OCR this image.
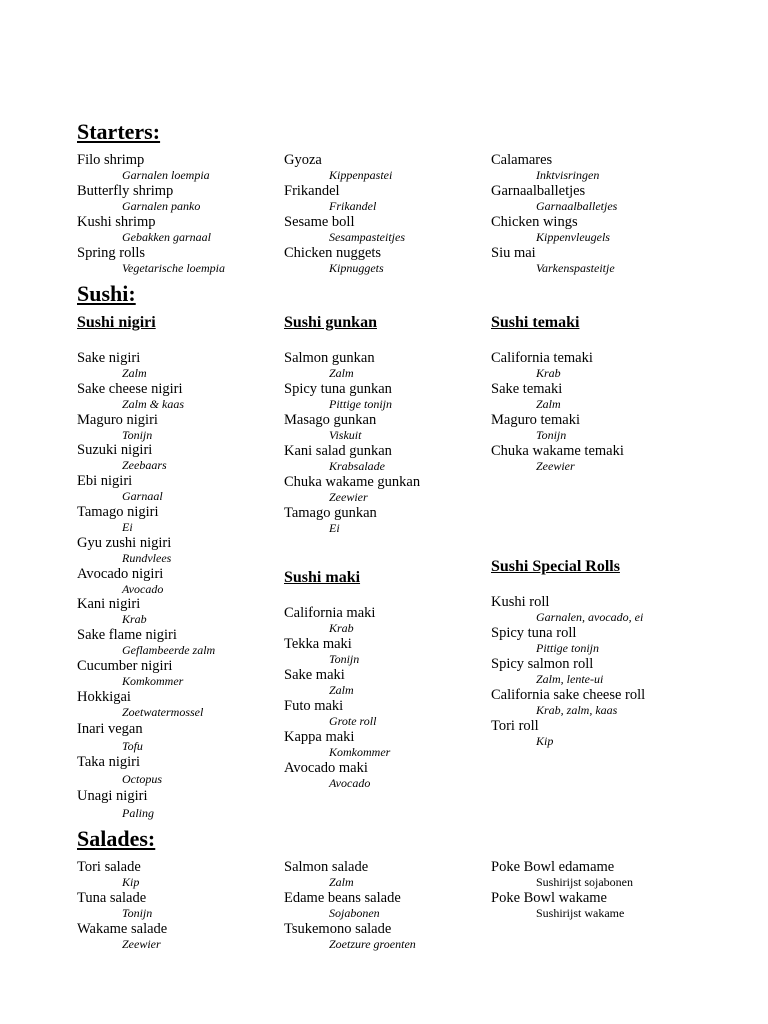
Starters:
Filo shrimp
Garnalen loempia
Butterfly shrimp
Garnalen panko
Kushi shrimp
Gebakken garnaal
Spring rolls
Vegetarische loempia
Gyoza
Kippenpastei
Frikandel
Frikandel
Sesame boll
Sesampasteitjes
Chicken nuggets
Kipnuggets
Calamares
Inktvisringen
Garnaalballetjes
Garnaalballetjes
Chicken wings
Kippenvleugels
Siu mai
Varkenspasteitje
Sushi:
Sushi nigiri	Sushi gunkan	Sushi temaki
Sake nigiri
Zalm
Sake cheese nigiri
Zalm & kaas
Maguro nigiri
Tonijn
Suzuki nigiri
Zeebaars
Ebi nigiri
Garnaal
Tamago nigiri
Ei
Gyu zushi nigiri
Rundvlees
Avocado nigiri
Avocado
Kani nigiri
Krab
Sake flame nigiri
Geflambeerde zalm
Cucumber nigiri
Komkommer
Hokkigai
Zoetwatermossel
Inari vegan
Tofu
Taka nigiri
Octopus
Unagi nigiri
Paling
Salmon gunkan
Zalm
Spicy tuna gunkan
Pittige tonijn
Masago gunkan
Viskuit
Kani salad gunkan
Krabsalade
Chuka wakame gunkan
Zeewier
Tamago gunkan
Ei
California temaki
Krab
Sake temaki
Zalm
Maguro temaki
Tonijn
Chuka wakame temaki
Zeewier
Sushi maki
Sushi Special Rolls
California maki
Krab
Tekka maki
Tonijn
Sake maki
Zalm
Futo maki
Grote roll
Kappa maki
Komkommer
Avocado maki
Avocado
Kushi roll
Garnalen, avocado, ei
Spicy tuna roll
Pittige tonijn
Spicy salmon roll
Zalm, lente-ui
California sake cheese roll
Krab, zalm, kaas
Tori roll
Kip
Salades:
Tori salade
Kip
Tuna salade
Tonijn
Wakame salade
Zeewier
Salmon salade
Zalm
Edame beans salade
Sojabonen
Tsukemono salade
Zoetzure groenten
Poke Bowl edamame
Sushirijst sojabonen
Poke Bowl wakame
Sushirijst wakame
